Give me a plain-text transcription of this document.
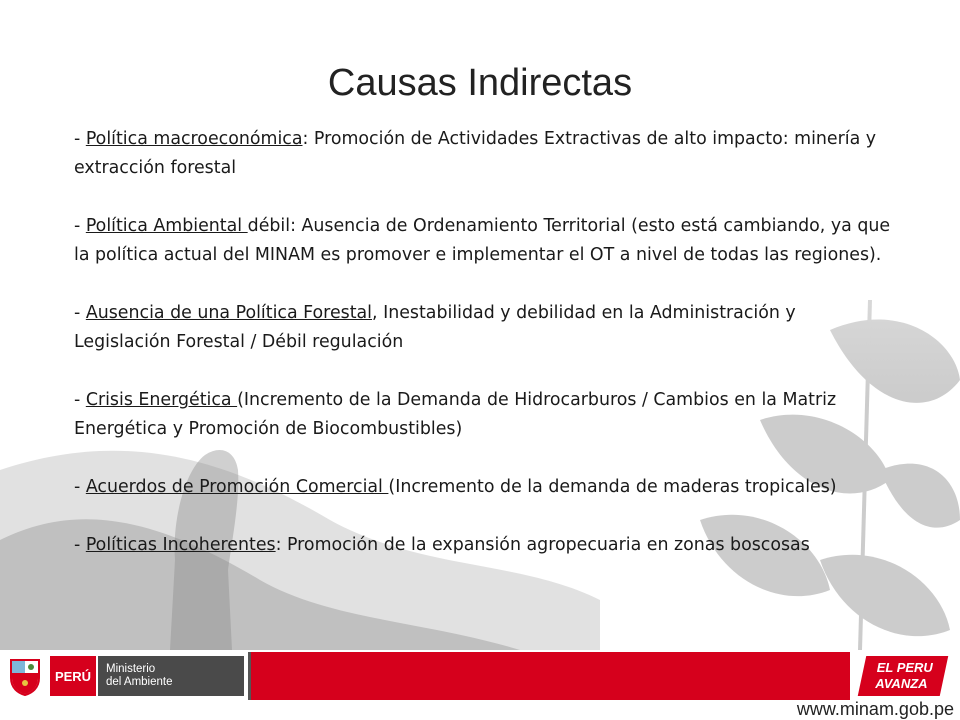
Causas Indirectas
- Política macroeconómica: Promoción de Actividades Extractivas de alto impacto: minería y extracción forestal
- Política Ambiental débil: Ausencia de Ordenamiento Territorial (esto está cambiando, ya que la política actual del MINAM es promover e implementar el OT a nivel de todas las regiones).
- Ausencia de una Política Forestal, Inestabilidad y debilidad en la Administración y Legislación Forestal / Débil regulación
- Crisis Energética (Incremento de la Demanda de Hidrocarburos / Cambios en la Matriz Energética y Promoción de Biocombustibles)
- Acuerdos de Promoción Comercial (Incremento de la demanda de maderas tropicales)
- Políticas Incoherentes: Promoción de la expansión agropecuaria en zonas boscosas
PERÚ	Ministerio
del Ambiente
EL PERU
AVANZA
www.minam.gob.pe
